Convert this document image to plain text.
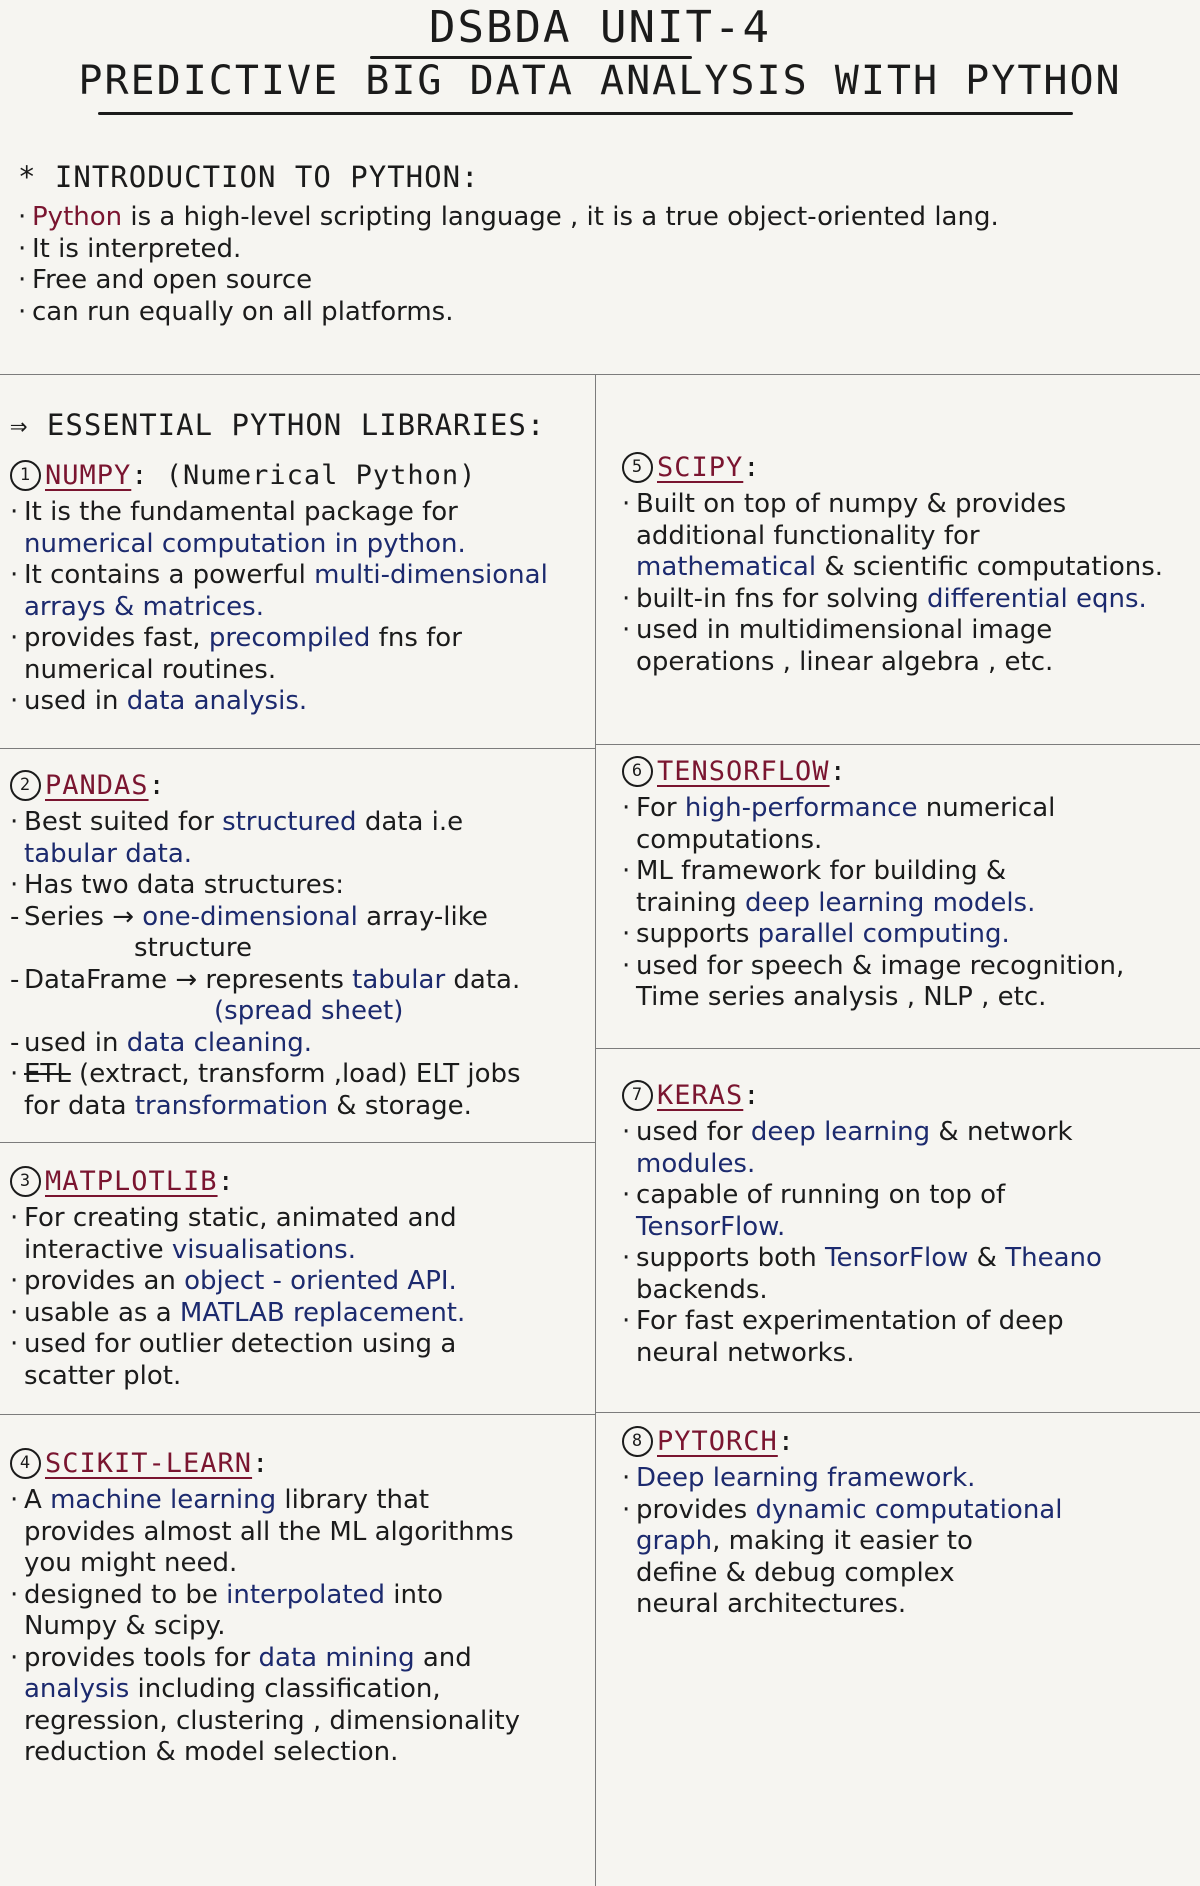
DSBDA UNIT-4
PREDICTIVE BIG DATA ANALYSIS WITH PYTHON
* INTRODUCTION TO PYTHON:
· Python is a high-level scripting language , it is a true object-oriented lang.
· It is interpreted.
· Free and open source
· can run equally on all platforms.
⇒ ESSENTIAL PYTHON LIBRARIES:
1 NUMPY: (Numerical Python)
· It is the fundamental package for
numerical computation in python.
· It contains a powerful multi-dimensional
arrays & matrices.
· provides fast, precompiled fns for
numerical routines.
· used in data analysis.
2 PANDAS:
· Best suited for structured data i.e
tabular data.
· Has two data structures:
- Series → one-dimensional array-like
structure
- DataFrame → represents tabular data.
(spread sheet)
- used in data cleaning.
· ETL (extract, transform ,load) ELT jobs
for data transformation & storage.
3 MATPLOTLIB:
· For creating static, animated and
interactive visualisations.
· provides an object - oriented API.
· usable as a MATLAB replacement.
· used for outlier detection using a
scatter plot.
4 SCIKIT-LEARN:
· A machine learning library that
provides almost all the ML algorithms
you might need.
· designed to be interpolated into
Numpy & scipy.
· provides tools for data mining and
analysis including classification,
regression, clustering , dimensionality
reduction & model selection.
5 SCIPY:
· Built on top of numpy & provides
additional functionality for
mathematical & scientific computations.
· built-in fns for solving differential eqns.
· used in multidimensional image
operations , linear algebra , etc.
6 TENSORFLOW:
· For high-performance numerical
computations.
· ML framework for building &
training deep learning models.
· supports parallel computing.
· used for speech & image recognition,
Time series analysis , NLP , etc.
7 KERAS:
· used for deep learning & network
modules.
· capable of running on top of
TensorFlow.
· supports both TensorFlow & Theano
backends.
· For fast experimentation of deep
neural networks.
8 PYTORCH:
· Deep learning framework.
· provides dynamic computational
graph, making it easier to
define & debug complex
neural architectures.
